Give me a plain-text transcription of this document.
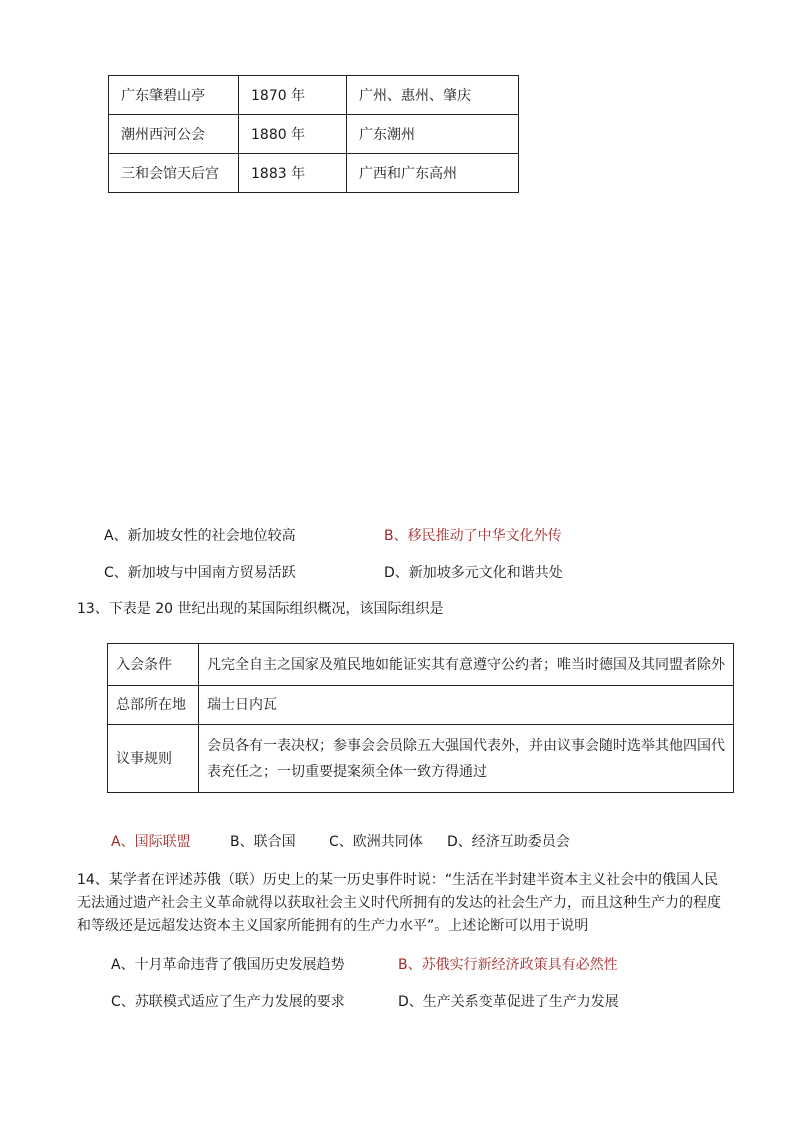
广东肇碧山亭	1870 年	广州、惠州、肇庆
潮州西河公会	1880 年	广东潮州
三和会馆天后宫	1883 年	广西和广东高州
A、新加坡女性的社会地位较高	B、移民推动了中华文化外传
C、新加坡与中国南方贸易活跃	D、新加坡多元文化和谐共处
13、下表是 20 世纪出现的某国际组织概况，该国际组织是
入会条件	凡完全自主之国家及殖民地如能证实其有意遵守公约者；唯当时德国及其同盟者除外
总部所在地	瑞士日内瓦
议事规则	会员各有一表决权；参事会会员除五大强国代表外，并由议事会随时选举其他四国代表充任之；一切重要提案须全体一致方得通过
A、国际联盟	B、联合国 C、欧洲共同体 D、经济互助委员会
14、某学者在评述苏俄（联）历史上的某一历史事件时说：“生活在半封建半资本主义社会中的俄国人民
无法通过遗产社会主义革命就得以获取社会主义时代所拥有的发达的社会生产力，而且这种生产力的程度
和等级还是远超发达资本主义国家所能拥有的生产力水平”。上述论断可以用于说明
A、十月革命违背了俄国历史发展趋势	B、苏俄实行新经济政策具有必然性
C、苏联模式适应了生产力发展的要求	D、生产关系变革促进了生产力发展
